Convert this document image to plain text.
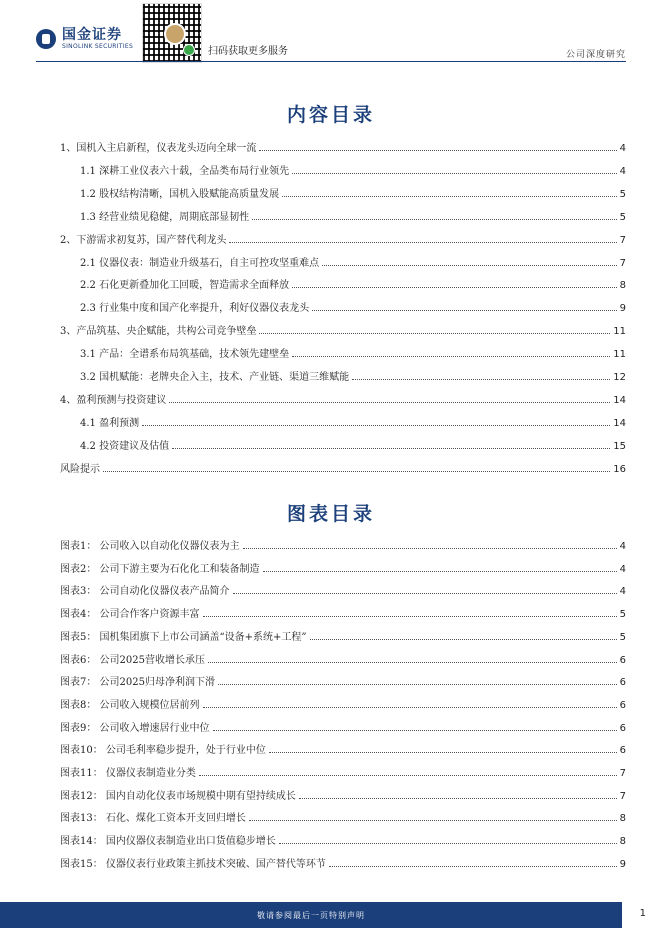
国金证券
SINOLINK SECURITIES	扫码获取更多服务	公司深度研究
内容目录
1、国机入主启新程，仪表龙头迈向全球一流	4
1.1 深耕工业仪表六十载，全品类布局行业领先	4
1.2 股权结构清晰，国机入股赋能高质量发展	5
1.3 经营业绩见稳健，周期底部显韧性	5
2、下游需求初复苏，国产替代利龙头	7
2.1 仪器仪表：制造业升级基石，自主可控攻坚重难点	7
2.2 石化更新叠加化工回暖，智造需求全面释放	8
2.3 行业集中度和国产化率提升，利好仪器仪表龙头	9
3、产品筑基、央企赋能，共构公司竞争壁垒	11
3.1 产品：全谱系布局筑基础，技术领先建壁垒	11
3.2 国机赋能：老牌央企入主，技术、产业链、渠道三维赋能	12
4、盈利预测与投资建议	14
4.1 盈利预测	14
4.2 投资建议及估值	15
风险提示	16
图表目录
图表1： 公司收入以自动化仪器仪表为主	4
图表2： 公司下游主要为石化化工和装备制造	4
图表3： 公司自动化仪器仪表产品简介	4
图表4： 公司合作客户资源丰富	5
图表5： 国机集团旗下上市公司涵盖“设备+系统+工程”	5
图表6： 公司2025营收增长承压	6
图表7： 公司2025归母净利润下滑	6
图表8： 公司收入规模位居前列	6
图表9： 公司收入增速居行业中位	6
图表10： 公司毛利率稳步提升，处于行业中位	6
图表11： 仪器仪表制造业分类	7
图表12： 国内自动化仪表市场规模中期有望持续成长	7
图表13： 石化、煤化工资本开支回归增长	8
图表14： 国内仪器仪表制造业出口货值稳步增长	8
图表15： 仪器仪表行业政策主抓技术突破、国产替代等环节	9
敬请参阅最后一页特别声明	1
